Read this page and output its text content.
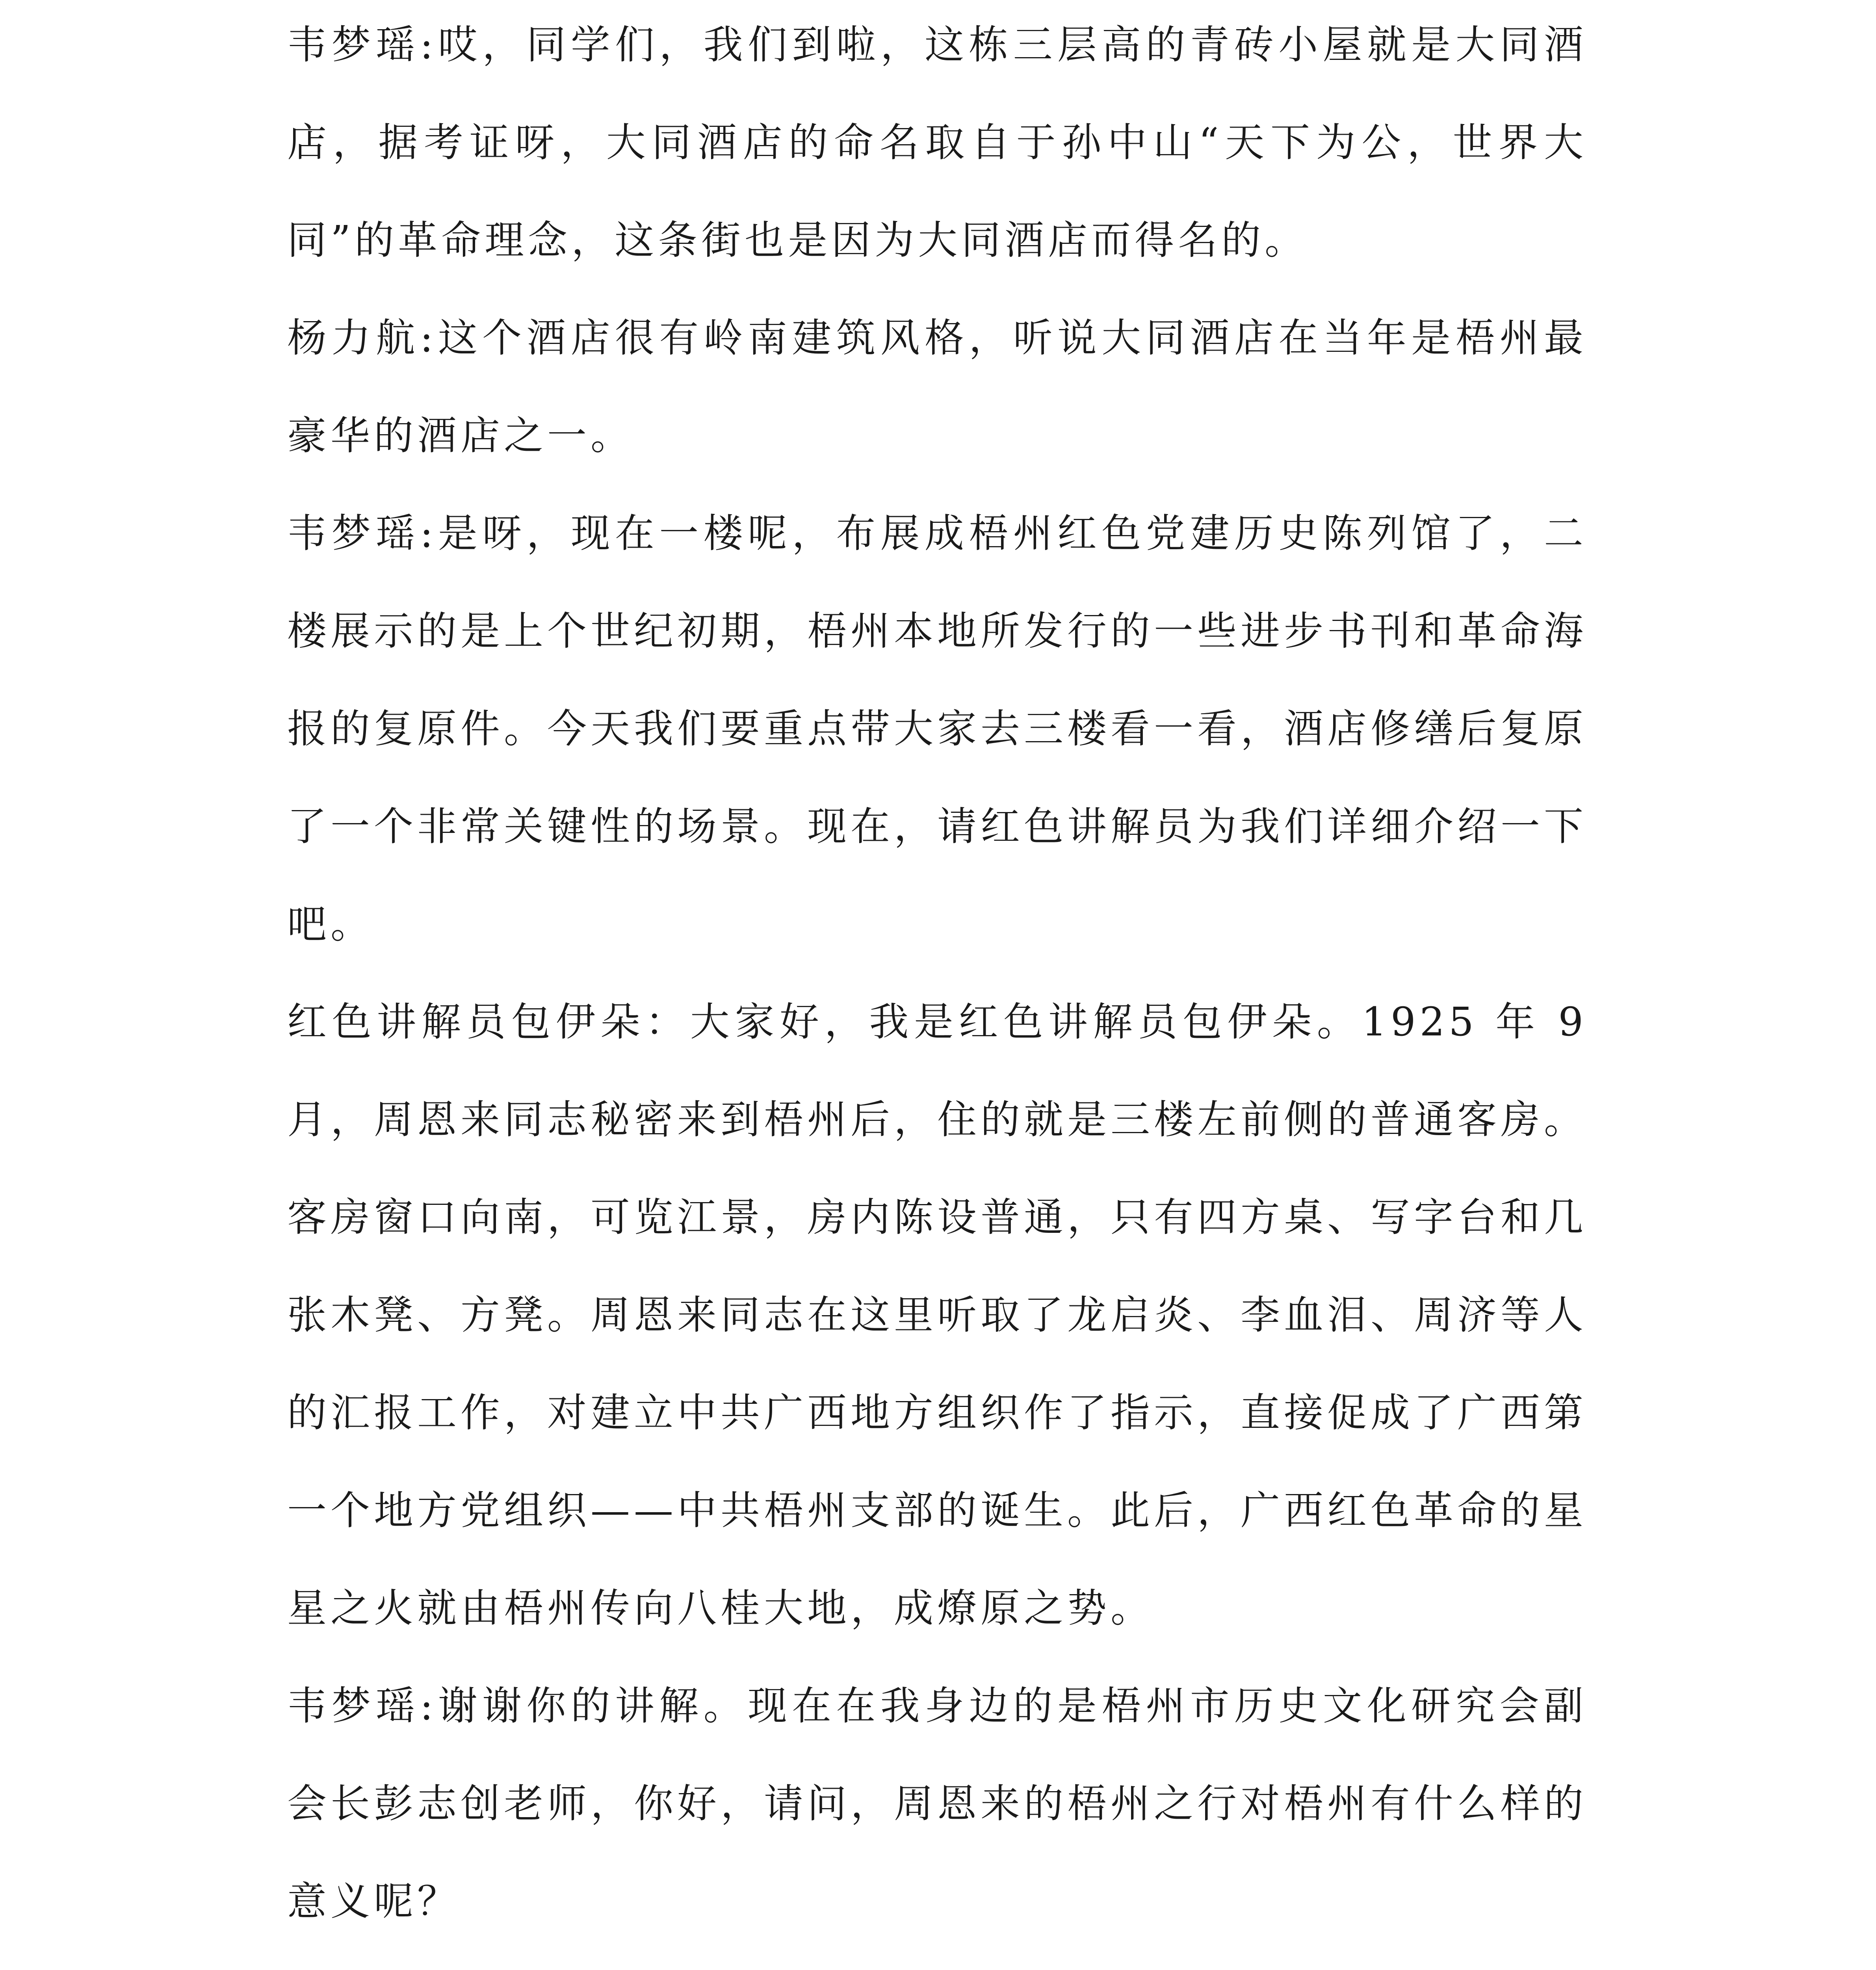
韦梦瑶:哎，同学们，我们到啦，这栋三层高的青砖小屋就是大同酒店，据考证呀，大同酒店的命名取自于孙中山“天下为公，世界大同”的革命理念，这条街也是因为大同酒店而得名的。

杨力航:这个酒店很有岭南建筑风格，听说大同酒店在当年是梧州最豪华的酒店之一。

韦梦瑶:是呀，现在一楼呢，布展成梧州红色党建历史陈列馆了，二楼展示的是上个世纪初期，梧州本地所发行的一些进步书刊和革命海报的复原件。今天我们要重点带大家去三楼看一看，酒店修缮后复原了一个非常关键性的场景。现在，请红色讲解员为我们详细介绍一下吧。

红色讲解员包伊朵：大家好，我是红色讲解员包伊朵。1925 年 9 月，周恩来同志秘密来到梧州后，住的就是三楼左前侧的普通客房。客房窗口向南，可览江景，房内陈设普通，只有四方桌、写字台和几张木凳、方凳。周恩来同志在这里听取了龙启炎、李血泪、周济等人的汇报工作，对建立中共广西地方组织作了指示，直接促成了广西第一个地方党组织——中共梧州支部的诞生。此后，广西红色革命的星星之火就由梧州传向八桂大地，成燎原之势。

韦梦瑶:谢谢你的讲解。现在在我身边的是梧州市历史文化研究会副会长彭志创老师，你好，请问，周恩来的梧州之行对梧州有什么样的意义呢？
